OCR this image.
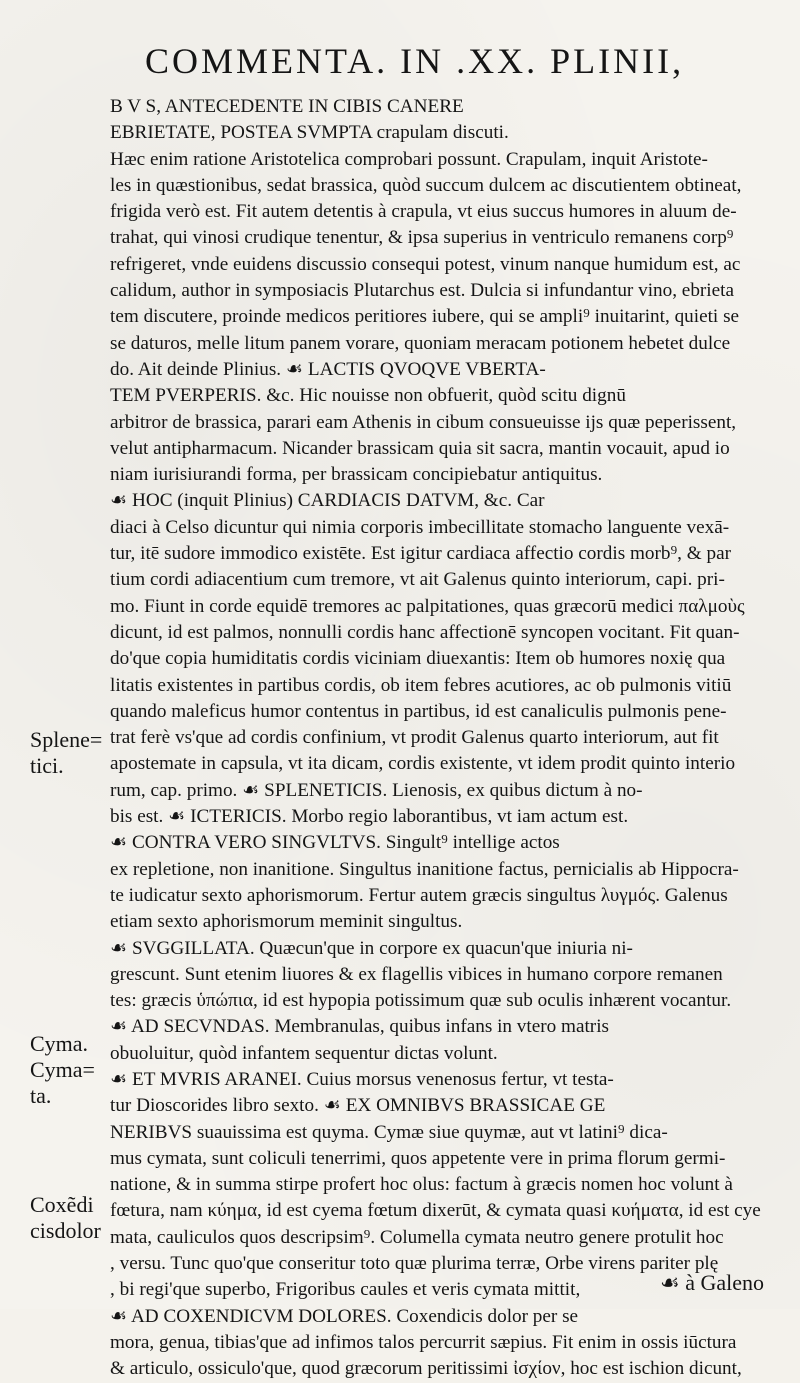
COMMENTA. IN .XX. PLINII,
B V S, ANTECEDENTE IN CIBIS CANERE
EBRIETATE, POSTEA SVMPTA crapulam discuti.
Hæc enim ratione Aristotelica comprobari possunt. Crapulam, inquit Aristote-
les in quæstionibus, sedat brassica, quòd succum dulcem ac discutientem obtineat,
frigida verò est. Fit autem detentis à crapula, vt eius succus humores in aluum de-
trahat, qui vinosi crudique tenentur, & ipsa superius in ventriculo remanens corp⁹
refrigeret, vnde euidens discussio consequi potest, vinum nanque humidum est, ac
calidum, author in symposiacis Plutarchus est. Dulcia si infundantur vino, ebrieta
tem discutere, proinde medicos peritiores iubere, qui se ampli⁹ inuitarint, quieti se
se daturos, melle litum panem vorare, quoniam meracam potionem hebetet dulce
do. Ait deinde Plinius. ☙ LACTIS QVOQVE VBERTA-
TEM PVERPERIS. &c. Hic nouisse non obfuerit, quòd scitu dignū
arbitror de brassica, parari eam Athenis in cibum consueuisse ijs quæ peperissent,
velut antipharmacum. Nicander brassicam quia sit sacra, mantin vocauit, apud io
niam iurisiurandi forma, per brassicam concipiebatur antiquitus.
☙ HOC (inquit Plinius) CARDIACIS DATVM, &c. Car
diaci à Celso dicuntur qui nimia corporis imbecillitate stomacho languente vexā-
tur, itē sudore immodico existēte. Est igitur cardiaca affectio cordis morb⁹, & par
tium cordi adiacentium cum tremore, vt ait Galenus quinto interiorum, capi. pri-
mo. Fiunt in corde equidē tremores ac palpitationes, quas græcorū medici παλμοὺς
dicunt, id est palmos, nonnulli cordis hanc affectionē syncopen vocitant. Fit quan-
do'que copia humiditatis cordis viciniam diuexantis: Item ob humores noxię qua
litatis existentes in partibus cordis, ob item febres acutiores, ac ob pulmonis vitiū
quando maleficus humor contentus in partibus, id est canaliculis pulmonis pene-
trat ferè vs'que ad cordis confinium, vt prodit Galenus quarto interiorum, aut fit
apostemate in capsula, vt ita dicam, cordis existente, vt idem prodit quinto interio
rum, cap. primo. ☙ SPLENETICIS. Lienosis, ex quibus dictum à no-
bis est. ☙ ICTERICIS. Morbo regio laborantibus, vt iam actum est.
☙ CONTRA VERO SINGVLTVS. Singult⁹ intellige actos
ex repletione, non inanitione. Singultus inanitione factus, pernicialis ab Hippocra-
te iudicatur sexto aphorismorum. Fertur autem græcis singultus λυγμός. Galenus
etiam sexto aphorismorum meminit singultus.
☙ SVGGILLATA. Quæcun'que in corpore ex quacun'que iniuria ni-
grescunt. Sunt etenim liuores & ex flagellis vibices in humano corpore remanen
tes: græcis ὑπώπια, id est hypopia potissimum quæ sub oculis inhærent vocantur.
☙ AD SECVNDAS. Membranulas, quibus infans in vtero matris
obuoluitur, quòd infantem sequentur dictas volunt.
☙ ET MVRIS ARANEI. Cuius morsus venenosus fertur, vt testa-
tur Dioscorides libro sexto. ☙ EX OMNIBVS BRASSICAE GE
NERIBVS suauissima est quyma. Cymæ siue quymæ, aut vt latini⁹ dica-
mus cymata, sunt coliculi tenerrimi, quos appetente vere in prima florum germi-
natione, & in summa stirpe profert hoc olus: factum à græcis nomen hoc volunt à
fœtura, nam κύημα, id est cyema fœtum dixerūt, & cymata quasi κυήματα, id est cye
mata, cauliculos quos descripsim⁹. Columella cymata neutro genere protulit hoc
, versu. Tunc quo'que conseritur toto quæ plurima terræ, Orbe virens pariter plę
, bi regi'que superbo, Frigoribus caules et veris cymata mittit,
☙ AD COXENDICVM DOLORES. Coxendicis dolor per se
mora, genua, tibias'que ad infimos talos percurrit sæpius. Fit enim in ossis iūctura
& articulo, ossiculo'que, quod græcorum peritissimi ἰσχίον, hoc est ischion dicunt,
Splene=
tici.
Cyma.
Cyma=
ta.
Coxẽdi
cisdolor
☙ à Galeno
